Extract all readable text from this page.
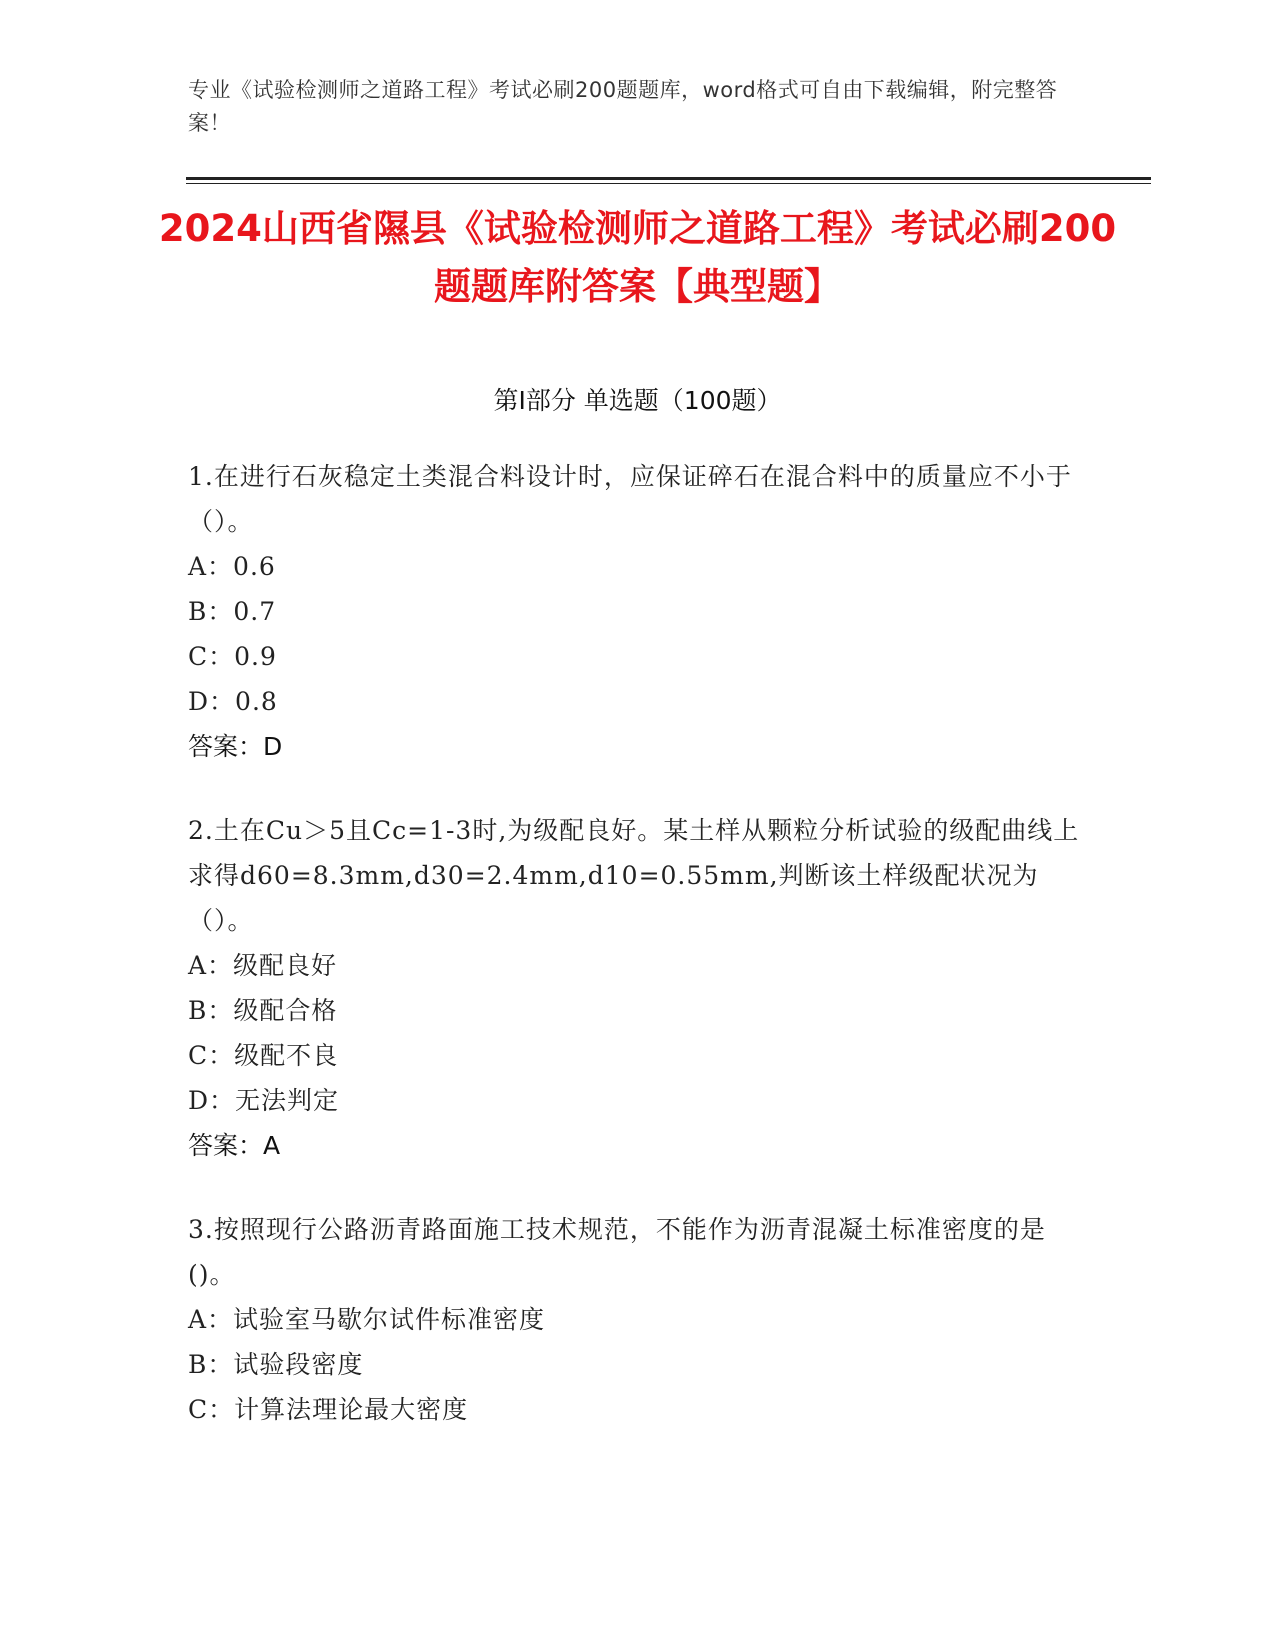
专业《试验检测师之道路工程》考试必刷200题题库，word格式可自由下载编辑，附完整答案！
2024山西省隰县《试验检测师之道路工程》考试必刷200题题库附答案【典型题】
第Ⅰ部分 单选题（100题）
1.在进行石灰稳定土类混合料设计时，应保证碎石在混合料中的质量应不小于（）。
A：0.6
B：0.7
C：0.9
D：0.8
答案：D
2.土在Cu＞5且Cc=1-3时,为级配良好。某土样从颗粒分析试验的级配曲线上求得d60=8.3mm,d30=2.4mm,d10=0.55mm,判断该土样级配状况为（）。
A：级配良好
B：级配合格
C：级配不良
D：无法判定
答案：A
3.按照现行公路沥青路面施工技术规范，不能作为沥青混凝土标准密度的是()。
A：试验室马歇尔试件标准密度
B：试验段密度
C：计算法理论最大密度
